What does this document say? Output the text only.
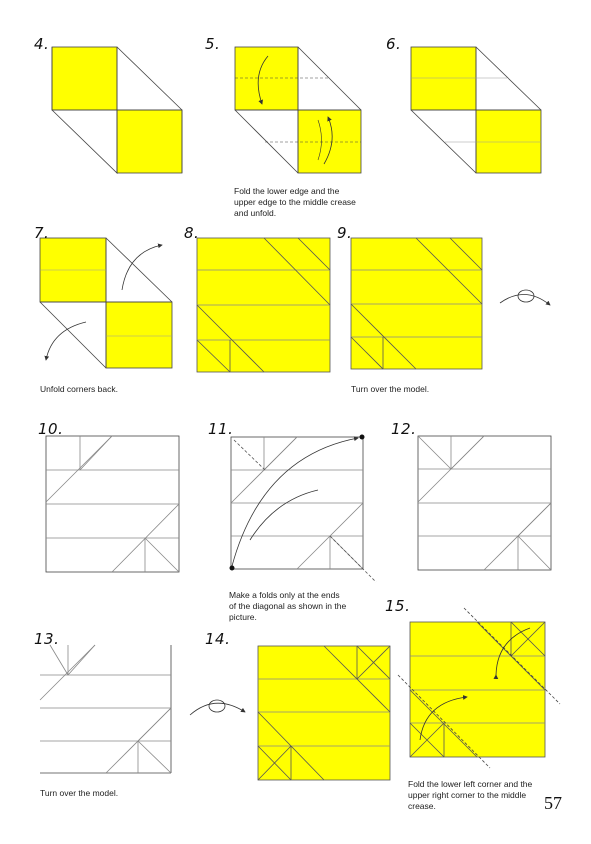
4.	5.	6.
7.	8.	9.
10.	11.	12.
13.	14.
15.
Fold the lower edge and the
upper edge to the middle crease
and unfold.
Unfold corners back.	Turn over the model.
Make a folds only at the ends
of the diagonal as shown in the
picture.
Turn over the model.
Fold the lower left corner and the
upper right corner to the middle
crease.	57
